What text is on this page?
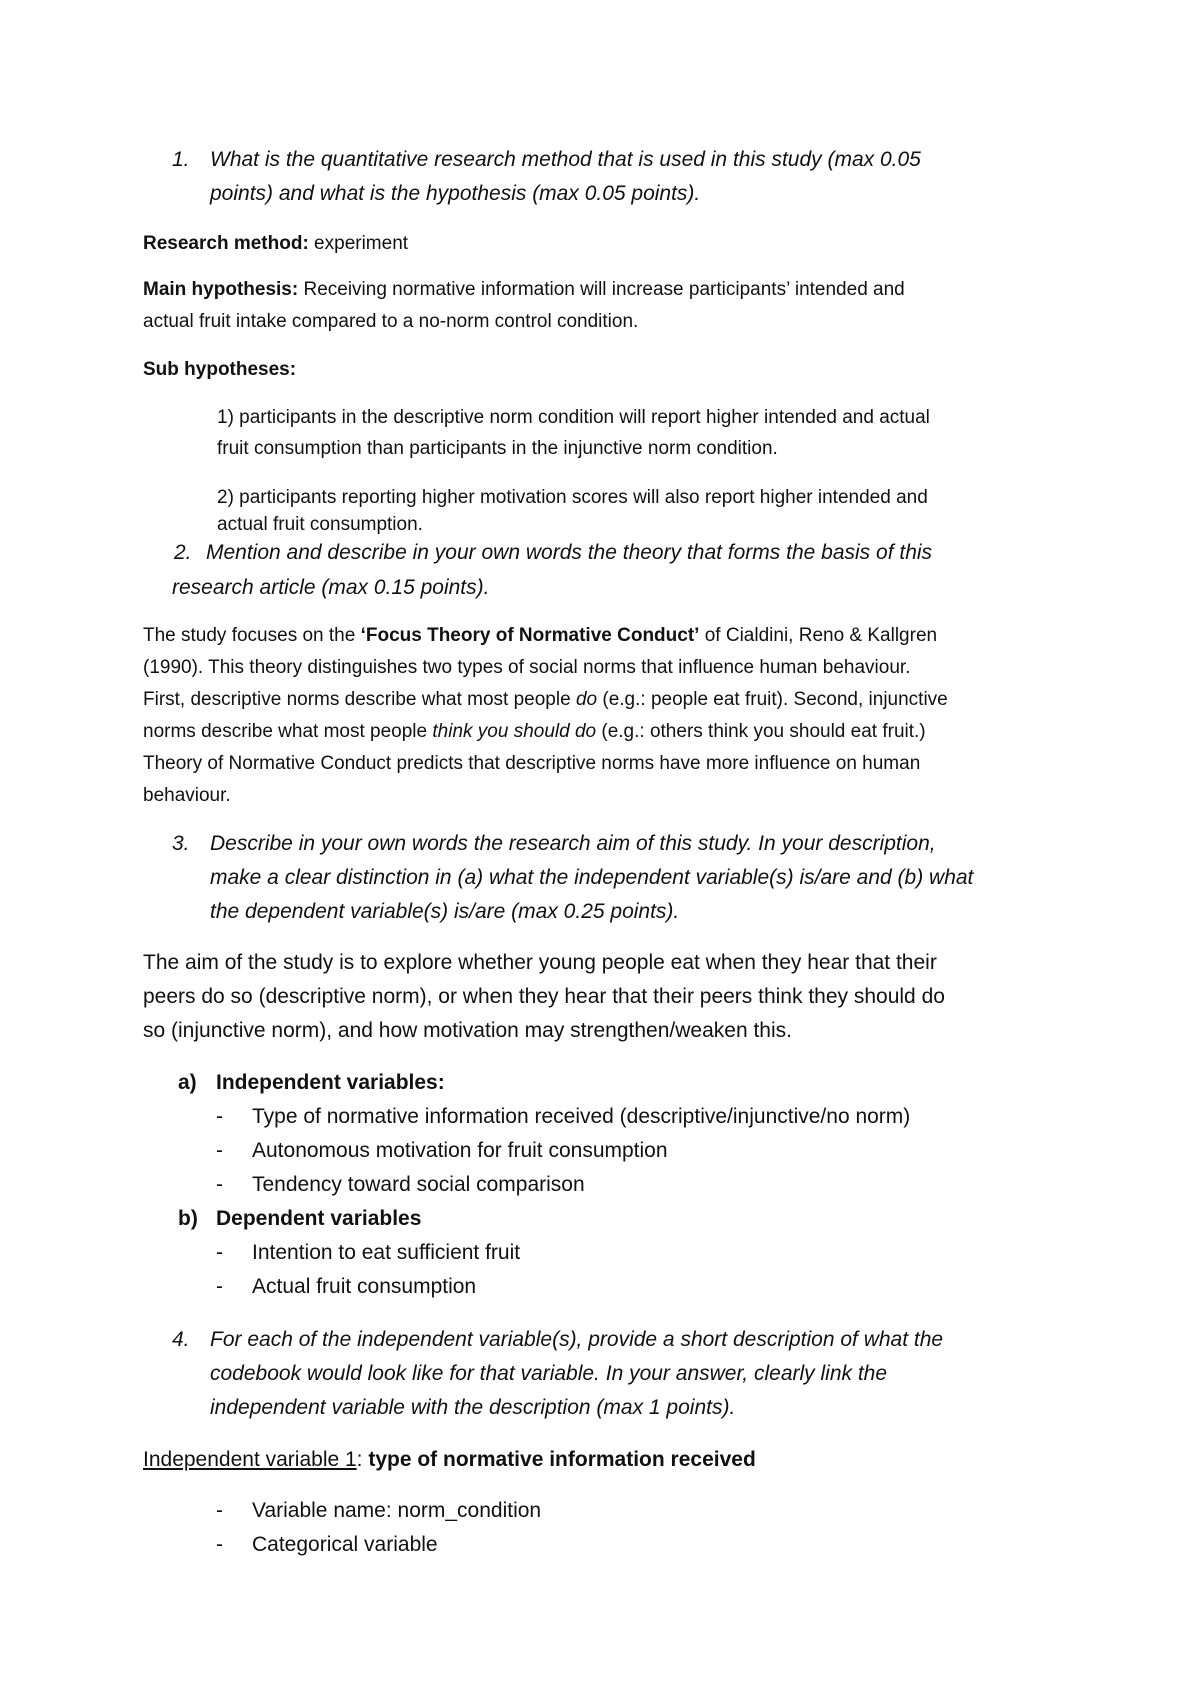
1. What is the quantitative research method that is used in this study (max 0.05
points) and what is the hypothesis (max 0.05 points).
Research method: experiment
Main hypothesis: Receiving normative information will increase participants’ intended and
actual fruit intake compared to a no-norm control condition.
Sub hypotheses:
1) participants in the descriptive norm condition will report higher intended and actual
fruit consumption than participants in the injunctive norm condition.
2) participants reporting higher motivation scores will also report higher intended and
actual fruit consumption.
2. Mention and describe in your own words the theory that forms the basis of this
research article (max 0.15 points).
The study focuses on the ‘Focus Theory of Normative Conduct’ of Cialdini, Reno & Kallgren
(1990). This theory distinguishes two types of social norms that influence human behaviour.
First, descriptive norms describe what most people do (e.g.: people eat fruit). Second, injunctive
norms describe what most people think you should do (e.g.: others think you should eat fruit.)
Theory of Normative Conduct predicts that descriptive norms have more influence on human
behaviour.
3. Describe in your own words the research aim of this study. In your description,
make a clear distinction in (a) what the independent variable(s) is/are and (b) what
the dependent variable(s) is/are (max 0.25 points).
The aim of the study is to explore whether young people eat when they hear that their
peers do so (descriptive norm), or when they hear that their peers think they should do
so (injunctive norm), and how motivation may strengthen/weaken this.
a) Independent variables:
- Type of normative information received (descriptive/injunctive/no norm)
- Autonomous motivation for fruit consumption
- Tendency toward social comparison
b) Dependent variables
- Intention to eat sufficient fruit
- Actual fruit consumption
4. For each of the independent variable(s), provide a short description of what the
codebook would look like for that variable. In your answer, clearly link the
independent variable with the description (max 1 points).
Independent variable 1: type of normative information received
- Variable name: norm_condition
- Categorical variable
